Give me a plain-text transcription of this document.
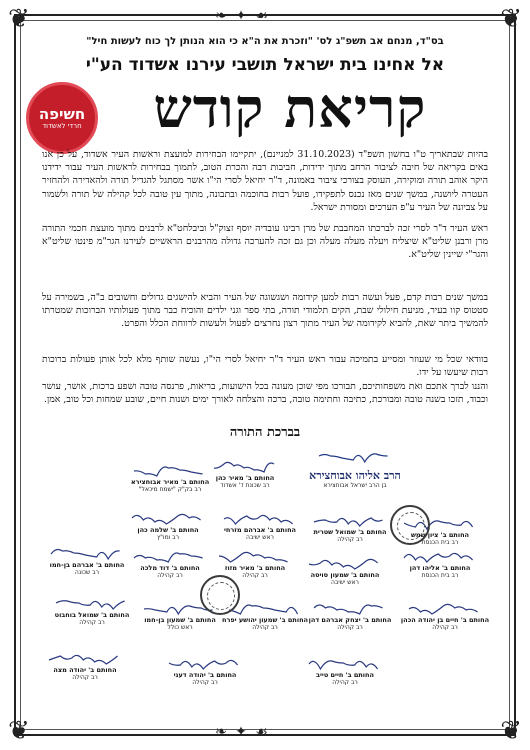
❦	❦
❦	❦
❧ ✦ ☙
❧ ✦ ☙
בס"ד, מנחם אב תשפ"ג לס' "וזכרת את ה"א כי הוא הנותן לך כוח לעשות חיל"
אל אחינו בית ישראל תושבי עירנו אשדוד הע"י
קריאת קודש
חשיפה
חרדי לאשדוד
בהיות שבתאריך ט"ו בחשון תשפ"ד (31.10.2023 למניינם), יתקיימו הבחירות למועצת וראשות העיר אשדוד, על כן אנו באים בקריאה של חיבה לציבור הרחב מתוך ידידות, חביבות רבה והכרת הטוב, לתמוך בבחירות לראשות העיר עבור ידידנו היקר אוהב תורה ומוקירה, העוסק בצורכי ציבור באמונה, ד"ר יחיאל לסרי הי"ו אשר מסתגל להגדיל תורה ולהאדירה ולהחזיר העטרה ליושנה, במשך שנים מאז נכנס לתפקידו, פועל רבות בחוכמה ובתבונה, מתוך עין טובה לכל קהילה של תורה ולשמור על צביונה של העיר ע"פ הערכים ומסורת ישראל.
ראש העיר ד"ר לסרי זכה לברכתו המחבבת של מרן רבינו עובדיה יוסף זצוק"ל וביבלחט"א לרבנים מתוך מועצת חכמי התורה מרן ורבנן שליט"א שיצליח ויעלה מעלה מעלה וכן גם זכה להערכה גדולה מהרבנים הראשיים לעירנו הגר"מ פינטו שליט"א והגר"י שיינין שליט"א.
במשך שנים רבות קדם, פעל ועשה רבות למען קידומה ושגשוגה של העיר והביא להישגים גדולים וחשובים ב"ה, בשמירה על סטטוס קוו בעיר, מניעת חילולי שבת, הקים תלמודי תורה, בתי ספר וגני ילדים והוכיח כבר מתוך פעולותיו הברוכות שמטרתו להמשיך ביתר שאת, להביא לקידומה של העיר מתוך רצון נחרצים לפעול ולעשות לרווחת הכלל והפרט.
בוודאי שכל מי שעוזר ומסייע בתמיכה עבור ראש העיר ד"ר יחיאל לסרי הי"ו, נעשה שותף מלא לכל אותן פעולות ברוכות רבות שיעשו על ידו.
והננו לברך אתכם ואת משפחותיכם, תבורכו מפי שוכן מעונה בכל הישועות, בריאות, פרנסה טובה ושפע ברכות, אושר, עושר וכבוד, תזכו בשנה טובה ומבורכת, כתיבה וחתימה טובה, ברכה והצלחה לאורך ימים ושנות חיים, שובע שמחות וכל טוב, אמן.
בברכת התורה
הרב אליהו אבוחצירא
בן הרב ישראל אבוחצירא
החותם ב' מאיר אבוחצירא
רב בק"ק "ישמח מיכאל"
החותם ב' מאיר כהן
רב שכונת ד' אשדוד
החותם ב' שלמה כהן
רב ומו"ץ
החותם ב' אברהם מזרחי
ראש ישיבה
החותם ב' שמואל שטרית
רב קהילה
החותם ב' ציון שמש
רב בית הכנסת
החותם ב' אברהם בן-חמו
רב שכונה
החותם ב' דוד מלכה
רב קהילה
החותם ב' מאיר מזוז
רב קהילה	החותם ב' שמעון סויסה
ראש ישיבה
החותם ב' אליהו דהן
רב בית הכנסת
החותם ב' שמואל בוחבוט
רב קהילה	החותם ב' שמעון בן-חמו
ראש כולל
החותם ב' שמעון יהושע יפרח
רב קהילה
החותם ב' יצחק אברהם דהן
רב קהילה
החותם ב' חיים בן יהודה הכהן
רב קהילה
החותם ב' יהודה מצה
רב קהילה	החותם ב' יהודה דעני
רב קהילה
החותם ב' חיים טייב
רב קהילה
